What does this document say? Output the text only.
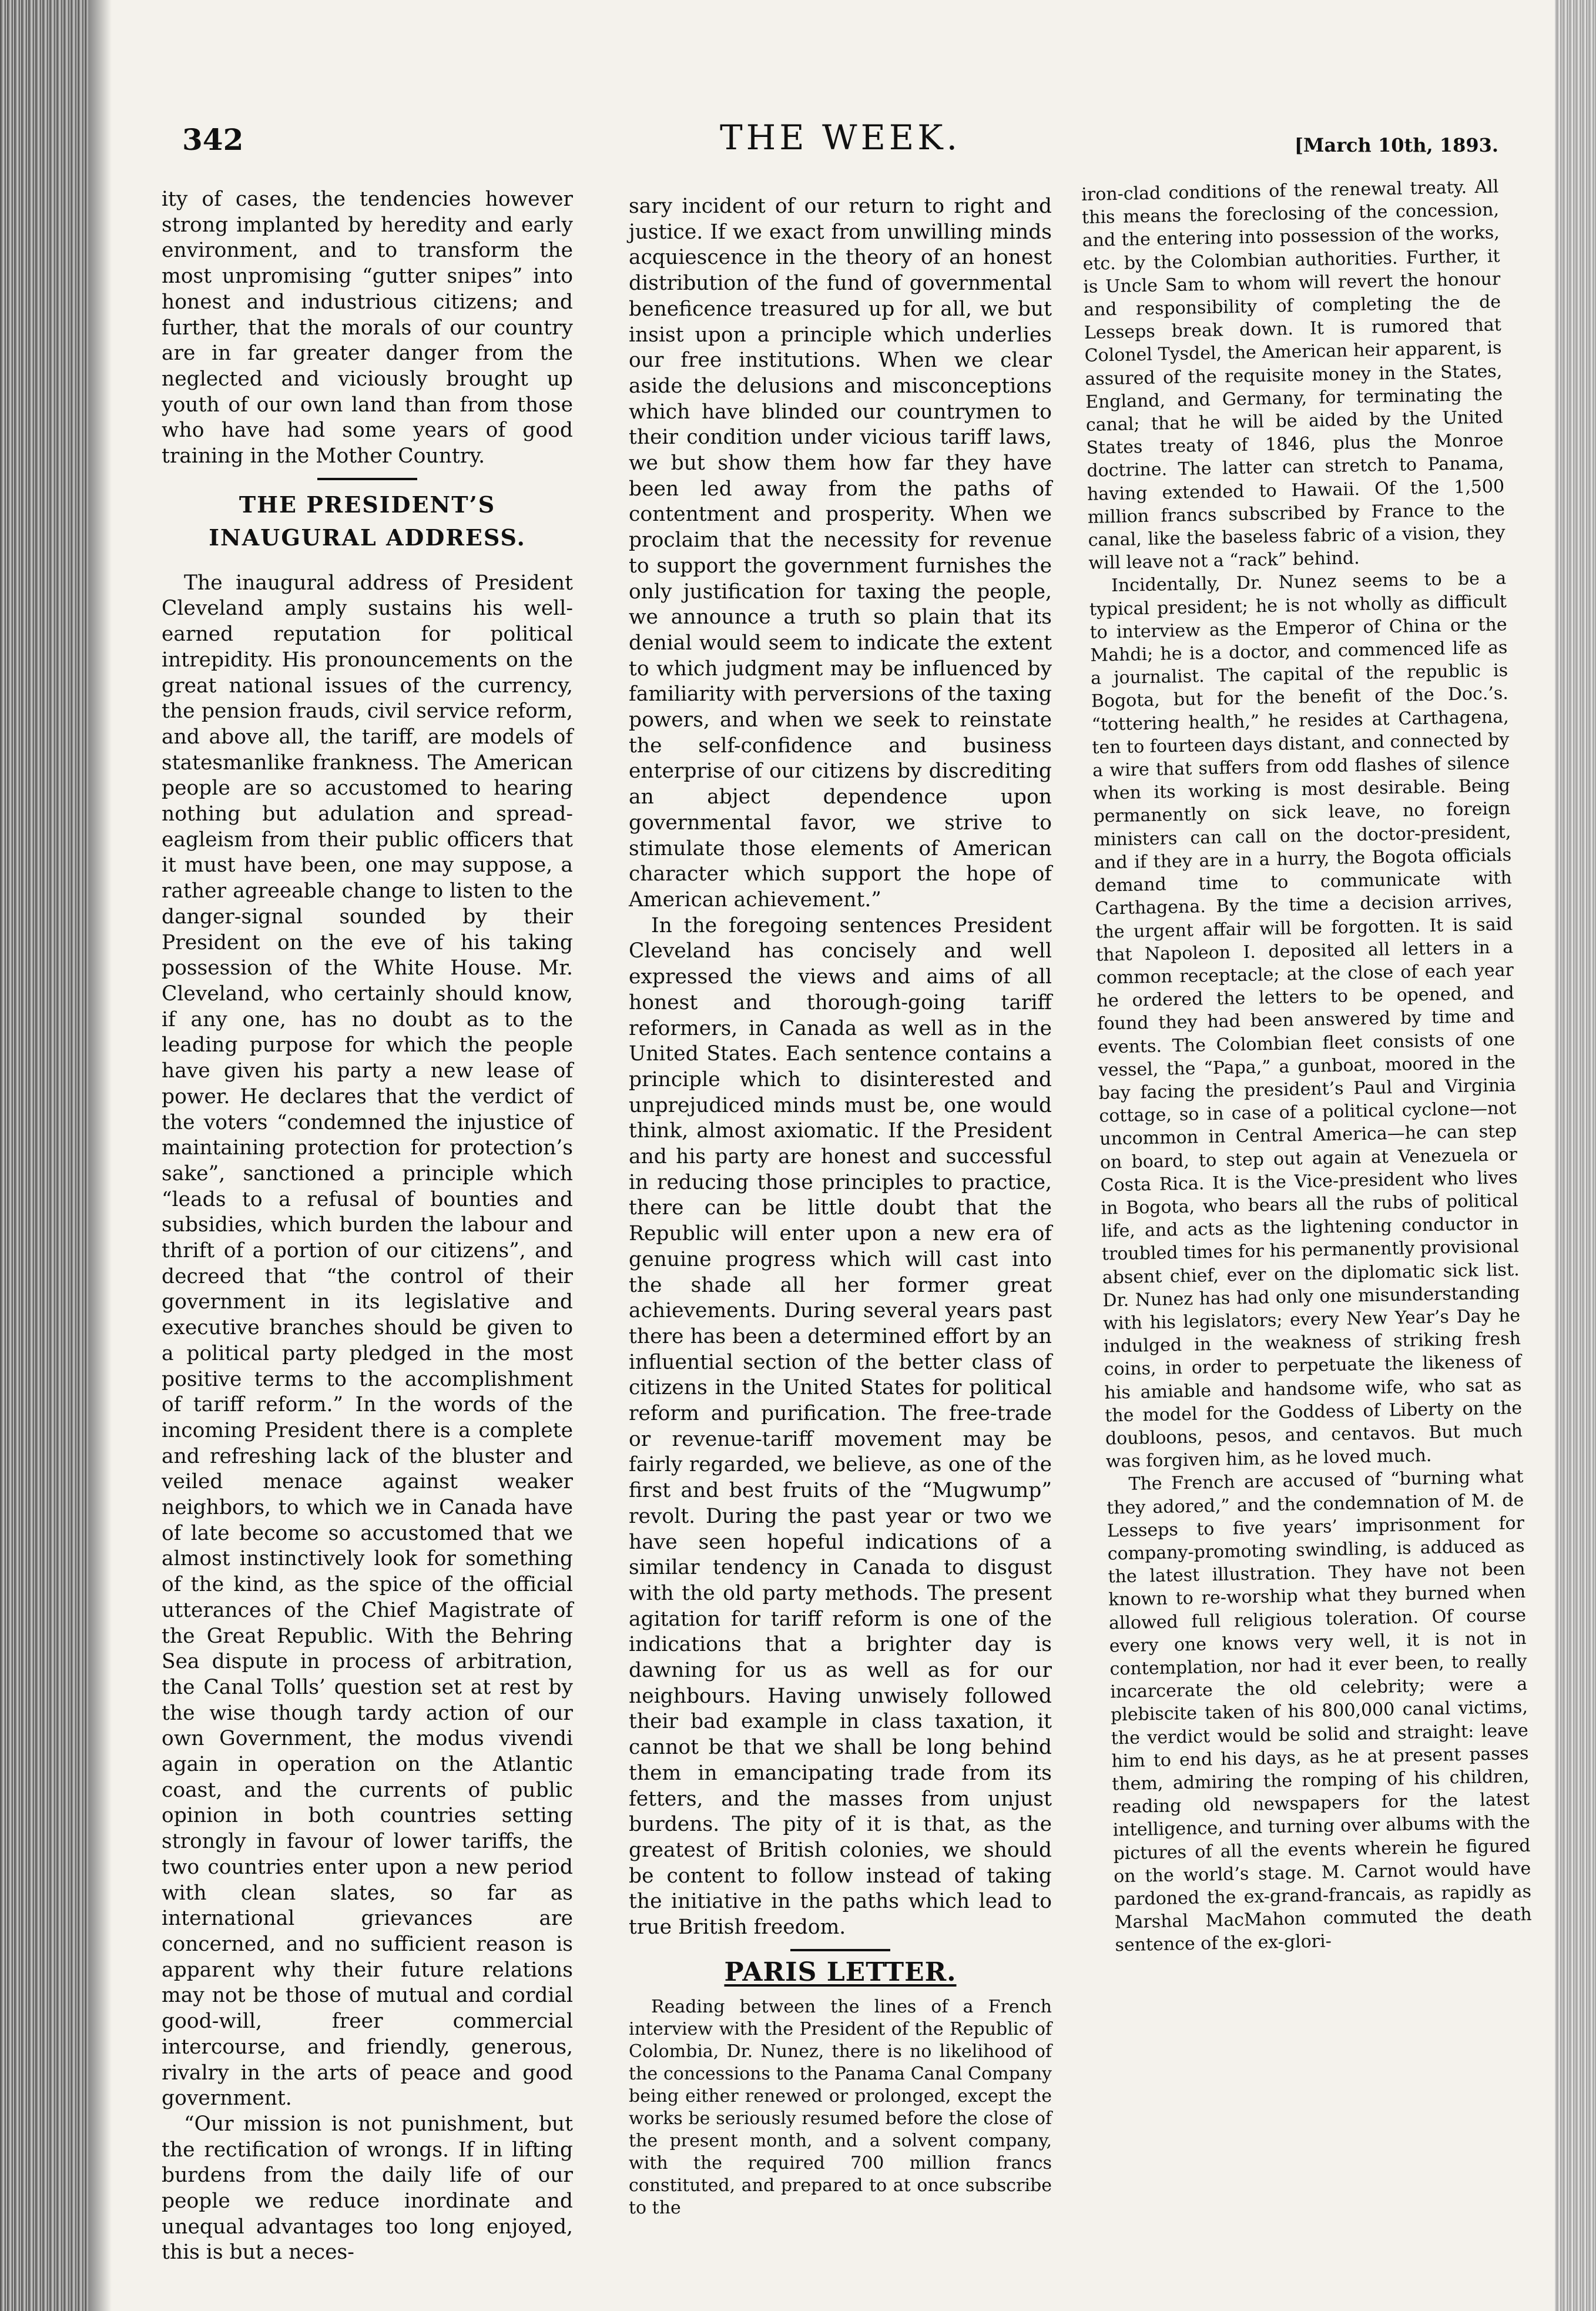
342	THE WEEK.	[March 10th, 1893.

ity of cases, the tendencies however strong implanted by heredity and early environment, and to transform the most unpromising “gutter snipes” into honest and industrious citizens; and further, that the morals of our country are in far greater danger from the neglected and viciously brought up youth of our own land than from those who have had some years of good training in the Mother Country.

THE PRESIDENT’S INAUGURAL ADDRESS.

The inaugural address of President Cleveland amply sustains his well-earned reputation for political intrepidity. His pronouncements on the great national issues of the currency, the pension frauds, civil service reform, and above all, the tariff, are models of statesmanlike frankness. The American people are so accustomed to hearing nothing but adulation and spread-eagleism from their public officers that it must have been, one may suppose, a rather agreeable change to listen to the danger-signal sounded by their President on the eve of his taking possession of the White House. Mr. Cleveland, who certainly should know, if any one, has no doubt as to the leading purpose for which the people have given his party a new lease of power. He declares that the verdict of the voters “condemned the injustice of maintaining protection for protection’s sake”, sanctioned a principle which “leads to a refusal of bounties and subsidies, which burden the labour and thrift of a portion of our citizens”, and decreed that “the control of their government in its legislative and executive branches should be given to a political party pledged in the most positive terms to the accomplishment of tariff reform.” In the words of the incoming President there is a complete and refreshing lack of the bluster and veiled menace against weaker neighbors, to which we in Canada have of late become so accustomed that we almost instinctively look for something of the kind, as the spice of the official utterances of the Chief Magistrate of the Great Republic. With the Behring Sea dispute in process of arbitration, the Canal Tolls’ question set at rest by the wise though tardy action of our own Government, the modus vivendi again in operation on the Atlantic coast, and the currents of public opinion in both countries setting strongly in favour of lower tariffs, the two countries enter upon a new period with clean slates, so far as international grievances are concerned, and no sufficient reason is apparent why their future relations may not be those of mutual and cordial good-will, freer commercial intercourse, and friendly, generous, rivalry in the arts of peace and good government.

“Our mission is not punishment, but the rectification of wrongs. If in lifting burdens from the daily life of our people we reduce inordinate and unequal advantages too long enjoyed, this is but a neces-

sary incident of our return to right and justice. If we exact from unwilling minds acquiescence in the theory of an honest distribution of the fund of governmental beneficence treasured up for all, we but insist upon a principle which underlies our free institutions. When we clear aside the delusions and misconceptions which have blinded our countrymen to their condition under vicious tariff laws, we but show them how far they have been led away from the paths of contentment and prosperity. When we proclaim that the necessity for revenue to support the government furnishes the only justification for taxing the people, we announce a truth so plain that its denial would seem to indicate the extent to which judgment may be influenced by familiarity with perversions of the taxing powers, and when we seek to reinstate the self-confidence and business enterprise of our citizens by discrediting an abject dependence upon governmental favor, we strive to stimulate those elements of American character which support the hope of American achievement.”

In the foregoing sentences President Cleveland has concisely and well expressed the views and aims of all honest and thorough-going tariff reformers, in Canada as well as in the United States. Each sentence contains a principle which to disinterested and unprejudiced minds must be, one would think, almost axiomatic. If the President and his party are honest and successful in reducing those principles to practice, there can be little doubt that the Republic will enter upon a new era of genuine progress which will cast into the shade all her former great achievements. During several years past there has been a determined effort by an influential section of the better class of citizens in the United States for political reform and purification. The free-trade or revenue-tariff movement may be fairly regarded, we believe, as one of the first and best fruits of the “Mugwump” revolt. During the past year or two we have seen hopeful indications of a similar tendency in Canada to disgust with the old party methods. The present agitation for tariff reform is one of the indications that a brighter day is dawning for us as well as for our neighbours. Having unwisely followed their bad example in class taxation, it cannot be that we shall be long behind them in emancipating trade from its fetters, and the masses from unjust burdens. The pity of it is that, as the greatest of British colonies, we should be content to follow instead of taking the initiative in the paths which lead to true British freedom.

PARIS LETTER.

Reading between the lines of a French interview with the President of the Republic of Colombia, Dr. Nunez, there is no likelihood of the concessions to the Panama Canal Company being either renewed or prolonged, except the works be seriously resumed before the close of the present month, and a solvent company, with the required 700 million francs constituted, and prepared to at once subscribe to the

iron-clad conditions of the renewal treaty. All this means the foreclosing of the concession, and the entering into possession of the works, etc. by the Colombian authorities. Further, it is Uncle Sam to whom will revert the honour and responsibility of completing the de Lesseps break down. It is rumored that Colonel Tysdel, the American heir apparent, is assured of the requisite money in the States, England, and Germany, for terminating the canal; that he will be aided by the United States treaty of 1846, plus the Monroe doctrine. The latter can stretch to Panama, having extended to Hawaii. Of the 1,500 million francs subscribed by France to the canal, like the baseless fabric of a vision, they will leave not a “rack” behind.

Incidentally, Dr. Nunez seems to be a typical president; he is not wholly as difficult to interview as the Emperor of China or the Mahdi; he is a doctor, and commenced life as a journalist. The capital of the republic is Bogota, but for the benefit of the Doc.’s. “tottering health,” he resides at Carthagena, ten to fourteen days distant, and connected by a wire that suffers from odd flashes of silence when its working is most desirable. Being permanently on sick leave, no foreign ministers can call on the doctor-president, and if they are in a hurry, the Bogota officials demand time to communicate with Carthagena. By the time a decision arrives, the urgent affair will be forgotten. It is said that Napoleon I. deposited all letters in a common receptacle; at the close of each year he ordered the letters to be opened, and found they had been answered by time and events. The Colombian fleet consists of one vessel, the “Papa,” a gunboat, moored in the bay facing the president’s Paul and Virginia cottage, so in case of a political cyclone—not uncommon in Central America—he can step on board, to step out again at Venezuela or Costa Rica. It is the Vice-president who lives in Bogota, who bears all the rubs of political life, and acts as the lightening conductor in troubled times for his permanently provisional absent chief, ever on the diplomatic sick list. Dr. Nunez has had only one misunderstanding with his legislators; every New Year’s Day he indulged in the weakness of striking fresh coins, in order to perpetuate the likeness of his amiable and handsome wife, who sat as the model for the Goddess of Liberty on the doubloons, pesos, and centavos. But much was forgiven him, as he loved much.

The French are accused of “burning what they adored,” and the condemnation of M. de Lesseps to five years’ imprisonment for company-promoting swindling, is adduced as the latest illustration. They have not been known to re-worship what they burned when allowed full religious toleration. Of course every one knows very well, it is not in contemplation, nor had it ever been, to really incarcerate the old celebrity; were a plebiscite taken of his 800,000 canal victims, the verdict would be solid and straight: leave him to end his days, as he at present passes them, admiring the romping of his children, reading old newspapers for the latest intelligence, and turning over albums with the pictures of all the events wherein he figured on the world’s stage. M. Carnot would have pardoned the ex-grand-francais, as rapidly as Marshal MacMahon commuted the death sentence of the ex-glori-
